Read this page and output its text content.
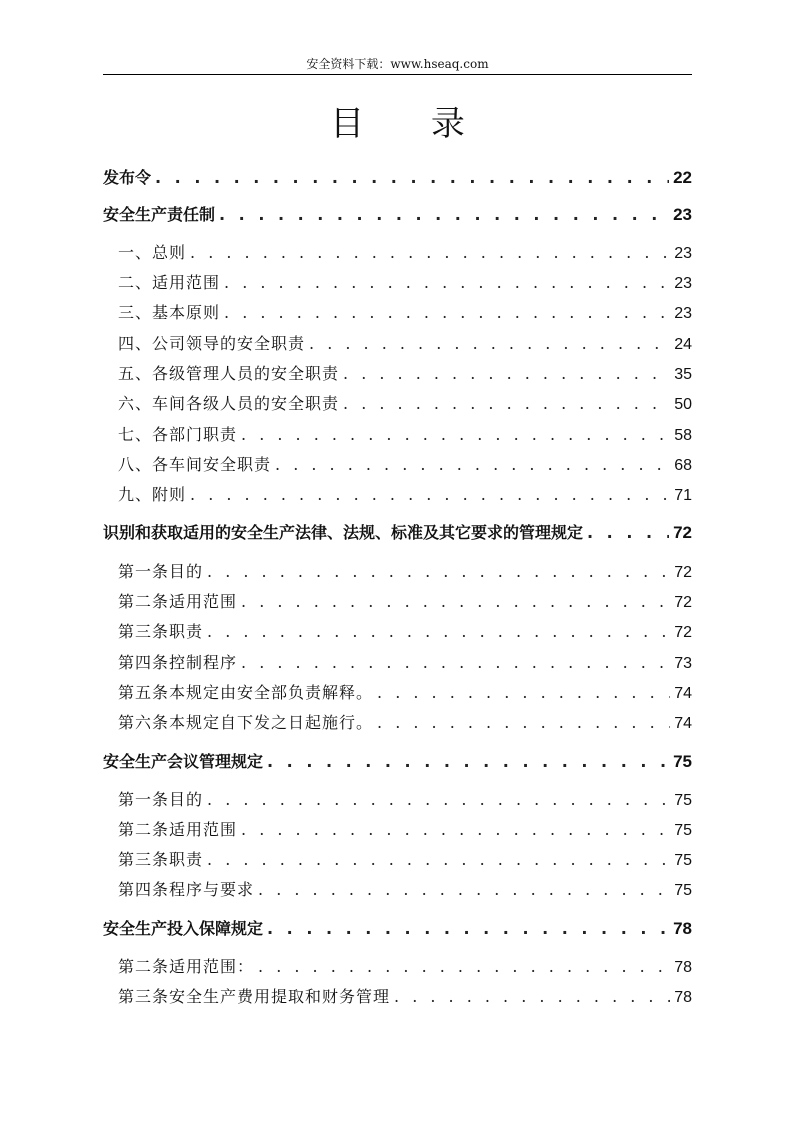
安全资料下载：www.hseaq.com
目 录
发布令 . . .	22
安全生产责任制 . . .	23
一、总则 . . .	23
二、适用范围 . . .	23
三、基本原则 . . .	23
四、公司领导的安全职责 . . .	24
五、各级管理人员的安全职责 . . .	35
六、车间各级人员的安全职责 . . .	50
七、各部门职责 . . .	58
八、各车间安全职责 . . .	68
九、附则 . . .	71
识别和获取适用的安全生产法律、法规、标准及其它要求的管理规定 . . .	72
第一条目的 . . .	72
第二条适用范围 . . .	72
第三条职责 . . .	72
第四条控制程序 . . .	73
第五条本规定由安全部负责解释。 . . .	74
第六条本规定自下发之日起施行。 . . .	74
安全生产会议管理规定 . . .	75
第一条目的 . . .	75
第二条适用范围 . . .	75
第三条职责 . . .	75
第四条程序与要求 . . .	75
安全生产投入保障规定 . . .	78
第二条适用范围： . . .	78
第三条安全生产费用提取和财务管理 . . .	78
